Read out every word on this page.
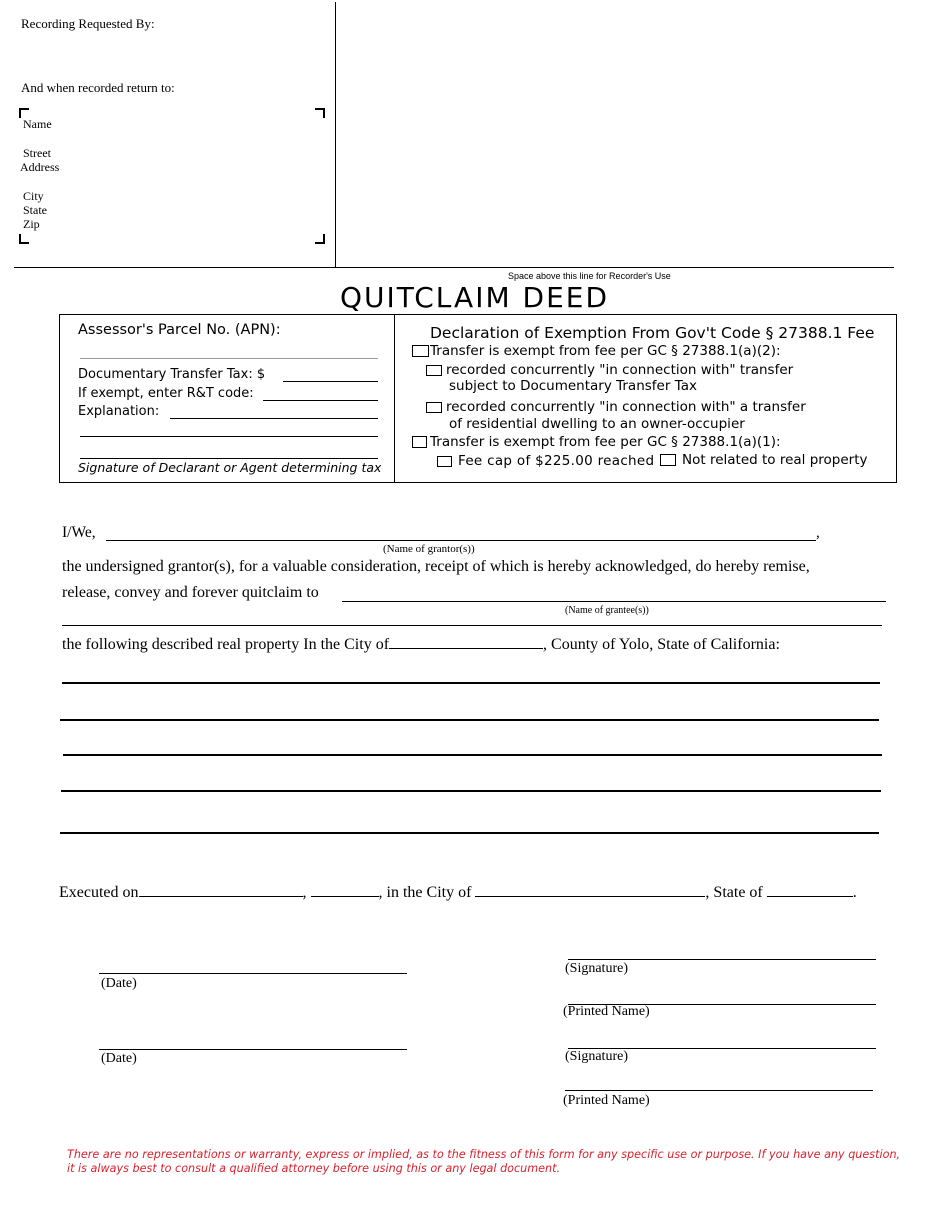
Recording Requested By:
And when recorded return to:
Name
Street
Address
City
State
Zip
Space above this line for Recorder's Use
QUITCLAIM DEED
Assessor's Parcel No. (APN):
Documentary Transfer Tax: $
If exempt, enter R&T code:
Explanation:
Signature of Declarant or Agent determining tax
Declaration of Exemption From Gov't Code § 27388.1 Fee
Transfer is exempt from fee per GC § 27388.1(a)(2):
recorded concurrently "in connection with" transfer
subject to Documentary Transfer Tax
recorded concurrently "in connection with" a transfer
of residential dwelling to an owner-occupier
Transfer is exempt from fee per GC § 27388.1(a)(1):
Fee cap of $225.00 reached	Not related to real property
I/We,	,
(Name of grantor(s))
the undersigned grantor(s), for a valuable consideration, receipt of which is hereby acknowledged, do hereby remise,
release, convey and forever quitclaim to
(Name of grantee(s))
the following described real property In the City of	, County of Yolo, State of California:
Executed on	,	, in the City of	, State of	.
(Date)
(Date)
(Signature)
(Printed Name)
(Signature)
(Printed Name)
There are no representations or warranty, express or implied, as to the fitness of this form for any specific use or purpose. If you have any question, it is always best to consult a qualified attorney before using this or any legal document.
